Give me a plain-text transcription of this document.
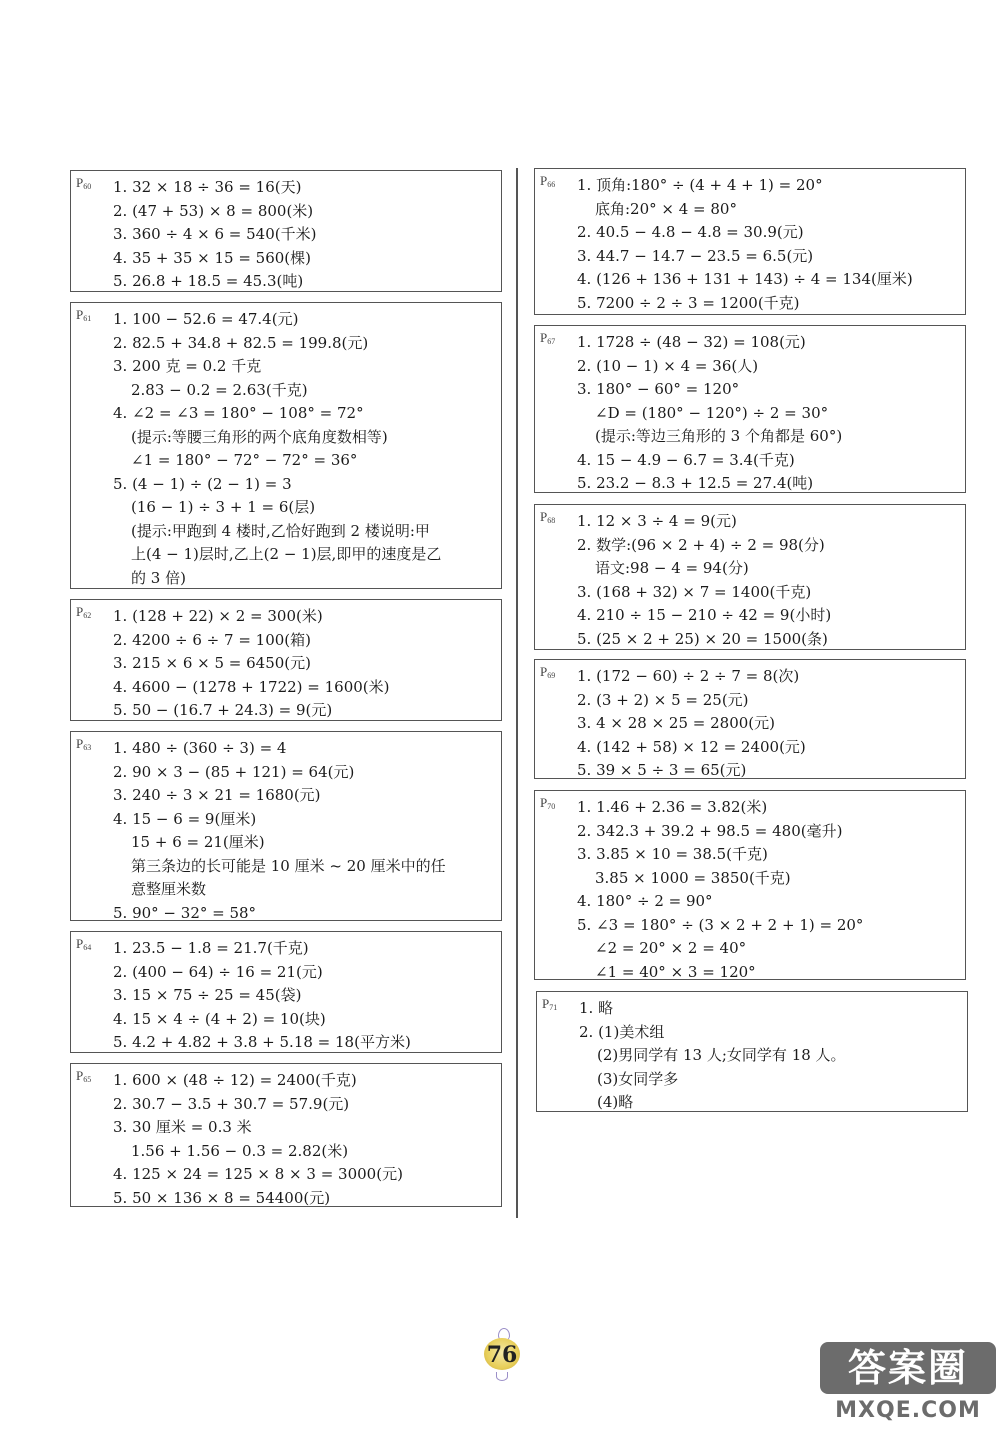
$P_{60}$	1. 32 × 18 ÷ 36 = 16(天)
2. (47 + 53) × 8 = 800(米)
3. 360 ÷ 4 × 6 = 540(千米)
4. 35 + 35 × 15 = 560(棵)
5. 26.8 + 18.5 = 45.3(吨)
$P_{61}$	1. 100 − 52.6 = 47.4(元)
2. 82.5 + 34.8 + 82.5 = 199.8(元)
3. 200 克 = 0.2 千克
2.83 − 0.2 = 2.63(千克)
4. ∠2 = ∠3 = 180° − 108° = 72°
(提示:等腰三角形的两个底角度数相等)
∠1 = 180° − 72° − 72° = 36°
5. (4 − 1) ÷ (2 − 1) = 3
(16 − 1) ÷ 3 + 1 = 6(层)
(提示:甲跑到 4 楼时,乙恰好跑到 2 楼说明:甲
上(4 − 1)层时,乙上(2 − 1)层,即甲的速度是乙
的 3 倍)
$P_{62}$	1. (128 + 22) × 2 = 300(米)
2. 4200 ÷ 6 ÷ 7 = 100(箱)
3. 215 × 6 × 5 = 6450(元)
4. 4600 − (1278 + 1722) = 1600(米)
5. 50 − (16.7 + 24.3) = 9(元)
$P_{63}$	1. 480 ÷ (360 ÷ 3) = 4
2. 90 × 3 − (85 + 121) = 64(元)
3. 240 ÷ 3 × 21 = 1680(元)
4. 15 − 6 = 9(厘米)
15 + 6 = 21(厘米)
第三条边的长可能是 10 厘米 ~ 20 厘米中的任
意整厘米数
5. 90° − 32° = 58°
$P_{64}$	1. 23.5 − 1.8 = 21.7(千克)
2. (400 − 64) ÷ 16 = 21(元)
3. 15 × 75 ÷ 25 = 45(袋)
4. 15 × 4 ÷ (4 + 2) = 10(块)
5. 4.2 + 4.82 + 3.8 + 5.18 = 18(平方米)
$P_{65}$	1. 600 × (48 ÷ 12) = 2400(千克)
2. 30.7 − 3.5 + 30.7 = 57.9(元)
3. 30 厘米 = 0.3 米
1.56 + 1.56 − 0.3 = 2.82(米)
4. 125 × 24 = 125 × 8 × 3 = 3000(元)
5. 50 × 136 × 8 = 54400(元)
$P_{66}$	1. 顶角:180° ÷ (4 + 4 + 1) = 20°
底角:20° × 4 = 80°
2. 40.5 − 4.8 − 4.8 = 30.9(元)
3. 44.7 − 14.7 − 23.5 = 6.5(元)
4. (126 + 136 + 131 + 143) ÷ 4 = 134(厘米)
5. 7200 ÷ 2 ÷ 3 = 1200(千克)
$P_{67}$	1. 1728 ÷ (48 − 32) = 108(元)
2. (10 − 1) × 4 = 36(人)
3. 180° − 60° = 120°
∠D = (180° − 120°) ÷ 2 = 30°
(提示:等边三角形的 3 个角都是 60°)
4. 15 − 4.9 − 6.7 = 3.4(千克)
5. 23.2 − 8.3 + 12.5 = 27.4(吨)
$P_{68}$	1. 12 × 3 ÷ 4 = 9(元)
2. 数学:(96 × 2 + 4) ÷ 2 = 98(分)
语文:98 − 4 = 94(分)
3. (168 + 32) × 7 = 1400(千克)
4. 210 ÷ 15 − 210 ÷ 42 = 9(小时)
5. (25 × 2 + 25) × 20 = 1500(条)
$P_{69}$	1. (172 − 60) ÷ 2 ÷ 7 = 8(次)
2. (3 + 2) × 5 = 25(元)
3. 4 × 28 × 25 = 2800(元)
4. (142 + 58) × 12 = 2400(元)
5. 39 × 5 ÷ 3 = 65(元)
$P_{70}$	1. 1.46 + 2.36 = 3.82(米)
2. 342.3 + 39.2 + 98.5 = 480(毫升)
3. 3.85 × 10 = 38.5(千克)
3.85 × 1000 = 3850(千克)
4. 180° ÷ 2 = 90°
5. ∠3 = 180° ÷ (3 × 2 + 2 + 1) = 20°
∠2 = 20° × 2 = 40°
∠1 = 40° × 3 = 120°
$P_{71}$	1. 略
2. (1)美术组
(2)男同学有 13 人;女同学有 18 人。
(3)女同学多
(4)略
76	答案圈
MXQE.COM
